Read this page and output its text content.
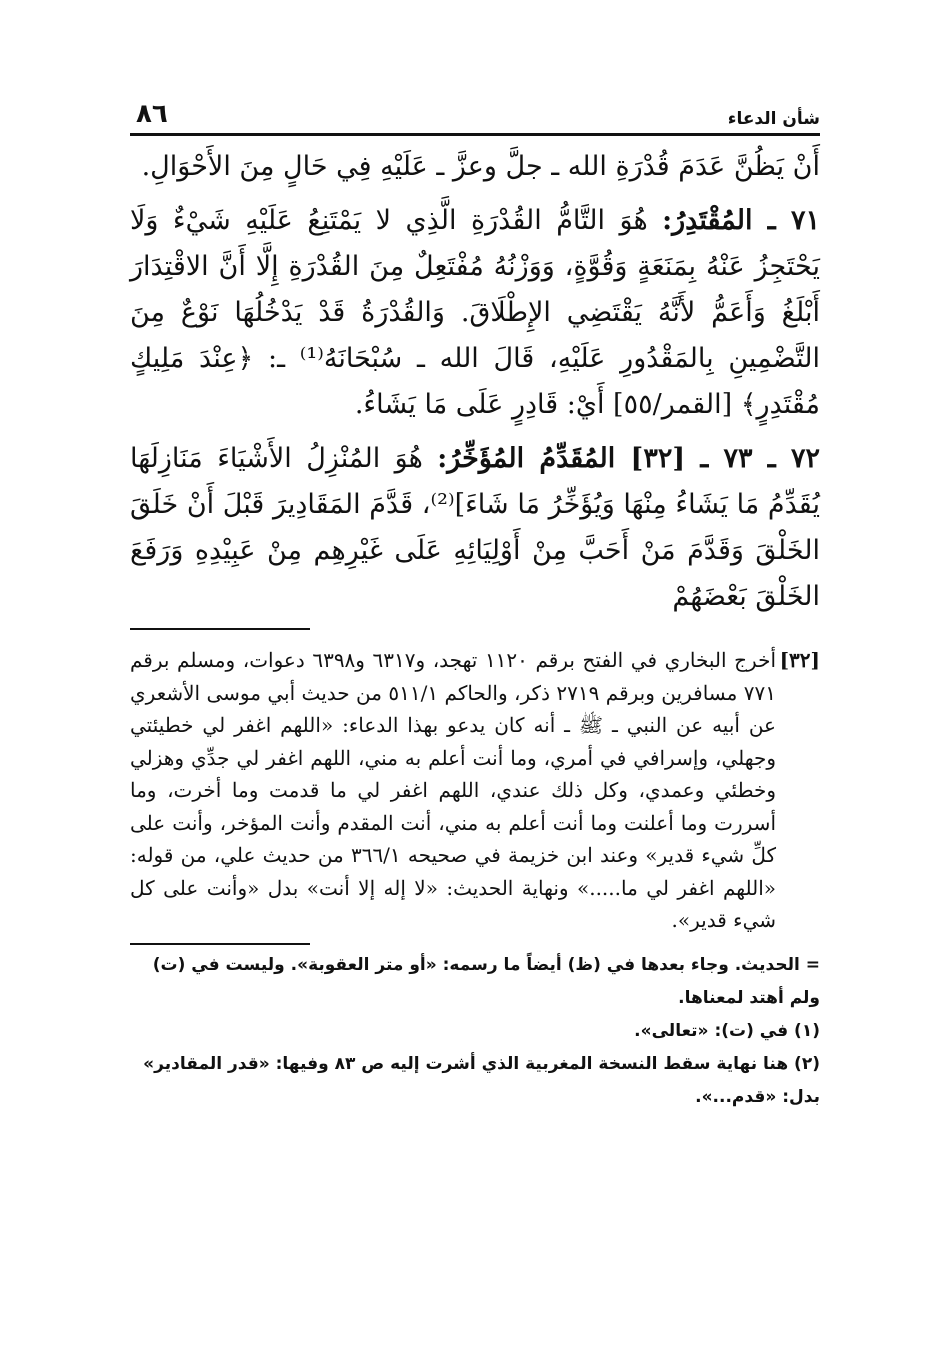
شأن الدعاء
٨٦

أَنْ يَظُنَّ عَدَمَ قُدْرَةِ الله ـ جلَّ وعزَّ ـ عَلَيْهِ فِي حَالٍ مِنَ الأَحْوَالِ.

٧١ ـ المُقْتَدِرُ: هُوَ التَّامُّ القُدْرَةِ الَّذِي لا يَمْتَنِعُ عَلَيْهِ شَيْءٌ وَلَا يَحْتَجِزُ عَنْهُ بِمَنَعَةٍ وَقُوَّةٍ، وَوَزْنُهُ مُفْتَعِلٌ مِنَ القُدْرَةِ إِلَّا أَنَّ الاقْتِدَارَ أَبْلَغُ وَأَعَمُّ لأَنَّهُ يَقْتَضِي الإِطْلَاقَ. وَالقُدْرَةُ قَدْ يَدْخُلُهَا نَوْعٌ مِنَ التَّضْمِينِ بِالمَقْدُورِ عَلَيْهِ، قَالَ الله ـ سُبْحَانَهُ⁽¹⁾ ـ: ﴿عِنْدَ مَلِيكٍ مُقْتَدِرٍ﴾ [القمر/٥٥] أَيْ: قَادِرٍ عَلَى مَا يَشَاءُ.

٧٢ ـ ٧٣ ـ [٣٢] المُقَدِّمُ المُؤَخِّرُ: هُوَ المُنْزِلُ الأَشْيَاءَ مَنَازِلَهَا يُقَدِّمُ مَا يَشَاءُ مِنْهَا وَيُؤَخِّرُ مَا شَاءَ]⁽²⁾، قَدَّمَ المَقَادِيرَ قَبْلَ أَنْ خَلَقَ الخَلْقَ وَقَدَّمَ مَنْ أَحَبَّ مِنْ أَوْلِيَائِهِ عَلَى غَيْرِهِم مِنْ عَبِيْدِهِ وَرَفَعَ الخَلْقَ بَعْضَهُمْ

[٣٢]
أخرج البخاري في الفتح برقم ١١٢٠ تهجد، و٦٣١٧ و٦٣٩٨ دعوات، ومسلم برقم ٧٧١ مسافرين وبرقم ٢٧١٩ ذكر، والحاكم ٥١١/١ من حديث أبي موسى الأشعري عن أبيه عن النبي ـ ﷺ ـ أنه كان يدعو بهذا الدعاء: «اللهم اغفر لي خطيئتي وجهلي، وإسرافي في أمري، وما أنت أعلم به مني، اللهم اغفر لي جدِّي وهزلي وخطئي وعمدي، وكل ذلك عندي، اللهم اغفر لي ما قدمت وما أخرت، وما أسررت وما أعلنت وما أنت أعلم به مني، أنت المقدم وأنت المؤخر، وأنت على كلِّ شيء قدير» وعند ابن خزيمة في صحيحه ٣٦٦/١ من حديث علي، من قوله: «اللهم اغفر لي ما.....» ونهاية الحديث: «لا إله إلا أنت» بدل «وأنت على كل شيء قدير».

= الحديث. وجاء بعدها في (ظ) أيضاً ما رسمه: «أو متر العقوبة». وليست في (ت) ولم أهتد لمعناها.

(١) في (ت): «تعالى».

(٢) هنا نهاية سقط النسخة المغربية الذي أشرت إليه ص ٨٣ وفيها: «قدر المقادير» بدل: «قدم...».
